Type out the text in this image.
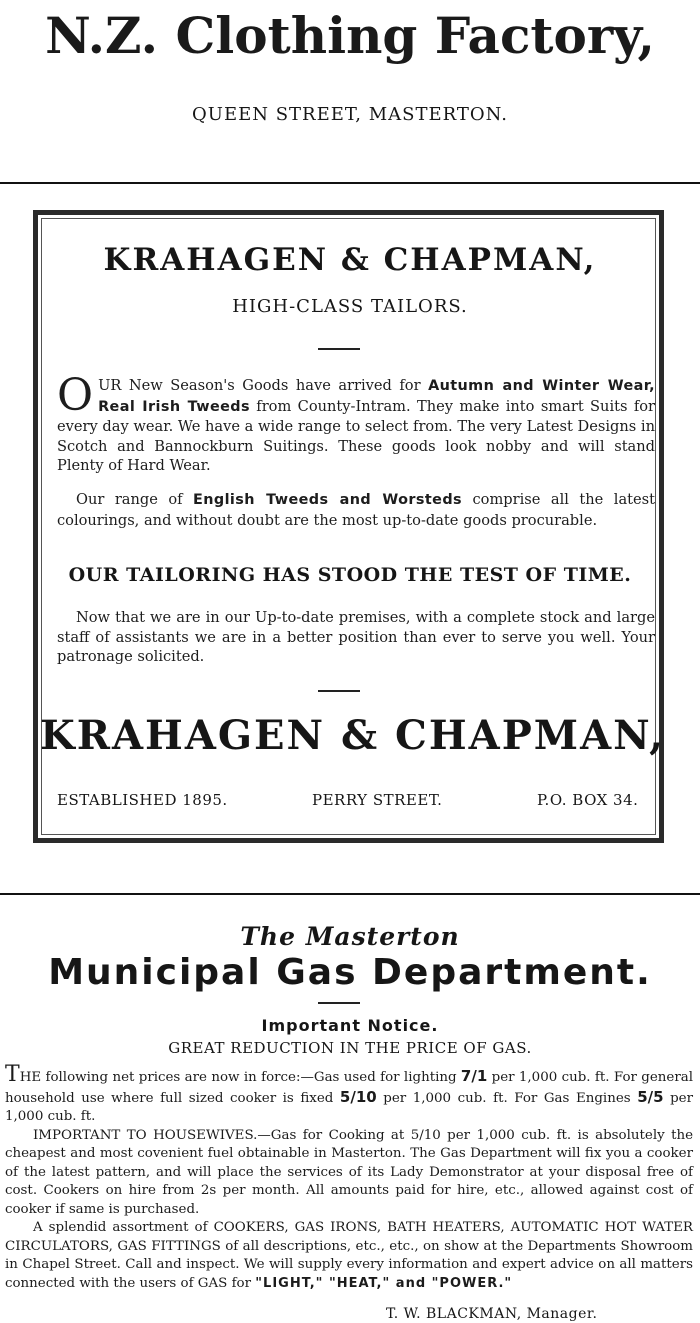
N.Z. Clothing Factory,
QUEEN STREET, MASTERTON.
KRAHAGEN & CHAPMAN,
HIGH-CLASS TAILORS.
OUR New Season's Goods have arrived for Autumn and Winter Wear, Real Irish Tweeds from County-Intram. They make into smart Suits for every day wear. We have a wide range to select from. The very Latest Designs in Scotch and Bannockburn Suitings. These goods look nobby and will stand Plenty of Hard Wear.
Our range of English Tweeds and Worsteds comprise all the latest colourings, and without doubt are the most up-to-date goods procurable.
OUR TAILORING HAS STOOD THE TEST OF TIME.
Now that we are in our Up-to-date premises, with a complete stock and large staff of assistants we are in a better position than ever to serve you well. Your patronage solicited.
KRAHAGEN & CHAPMAN,
ESTABLISHED 1895.	PERRY STREET.	P.O. BOX 34.
The Masterton
Municipal Gas Department.
Important Notice.
GREAT REDUCTION IN THE PRICE OF GAS.

THE following net prices are now in force:—Gas used for lighting 7/1 per 1,000 cub. ft. For general household use where full sized cooker is fixed 5/10 per 1,000 cub. ft. For Gas Engines 5/5 per 1,000 cub. ft.

IMPORTANT TO HOUSEWIVES.—Gas for Cooking at 5/10 per 1,000 cub. ft. is absolutely the cheapest and most covenient fuel obtainable in Masterton. The Gas Department will fix you a cooker of the latest pattern, and will place the services of its Lady Demonstrator at your disposal free of cost. Cookers on hire from 2s per month. All amounts paid for hire, etc., allowed against cost of cooker if same is purchased.

A splendid assortment of COOKERS, GAS IRONS, BATH HEATERS, AUTOMATIC HOT WATER CIRCULATORS, GAS FITTINGS of all descriptions, etc., etc., on show at the Departments Showroom in Chapel Street. Call and inspect. We will supply every information and expert advice on all matters connected with the users of GAS for "LIGHT," "HEAT," and "POWER."

T. W. BLACKMAN, Manager.
